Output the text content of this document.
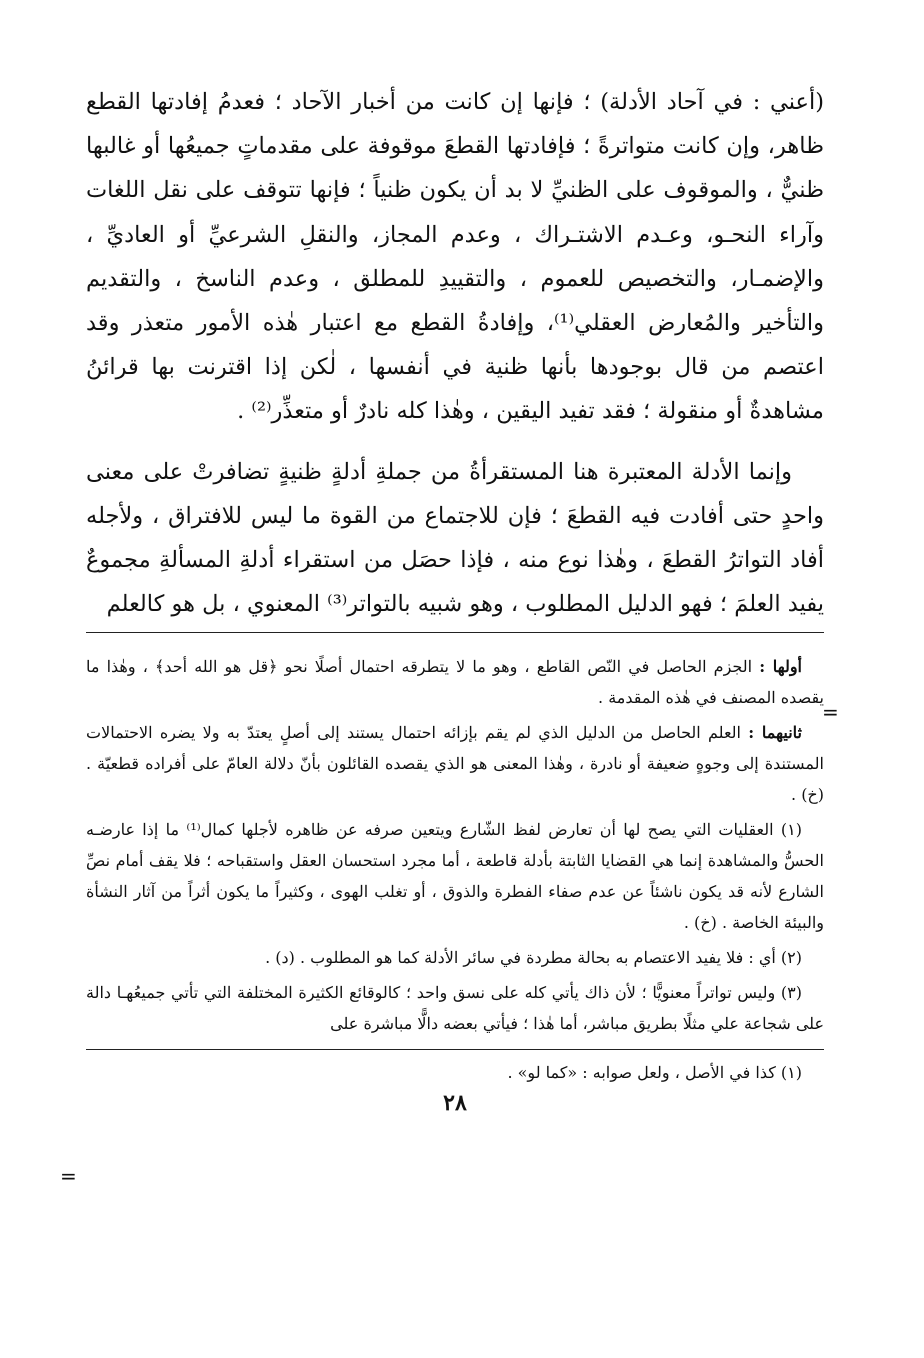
(أعني : في آحاد الأدلة) ؛ فإنها إن كانت من أخبار الآحاد ؛ فعدمُ إفادتها القطع ظاهر، وإن كانت متواترةً ؛ فإفادتها القطعَ موقوفة على مقدماتٍ جميعُها أو غالبها ظنيٌّ ، والموقوف على الظنيِّ لا بد أن يكون ظنياً ؛ فإنها تتوقف على نقل اللغات وآراء النحـو، وعـدم الاشتـراك ، وعدم المجاز، والنقلِ الشرعيِّ أو العاديِّ ، والإضمـار، والتخصيص للعموم ، والتقييدِ للمطلق ، وعدم الناسخ ، والتقديم والتأخير والمُعارض العقلي⁽¹⁾، وإفادةُ القطع مع اعتبار هٰذه الأمور متعذر وقد اعتصم من قال بوجودها بأنها ظنية في أنفسها ، لٰكن إذا اقترنت بها قرائنُ مشاهدةٌ أو منقولة ؛ فقد تفيد اليقين ، وهٰذا كله نادرٌ أو متعذِّر⁽²⁾ .

وإنما الأدلة المعتبرة هنا المستقرأةُ من جملةِ أدلةٍ ظنيةٍ تضافرتْ على معنى واحدٍ حتى أفادت فيه القطعَ ؛ فإن للاجتماع من القوة ما ليس للافتراق ، ولأجله أفاد التواترُ القطعَ ، وهٰذا نوع منه ، فإذا حصَل من استقراء أدلةِ المسألةِ مجموعٌ يفيد العلمَ ؛ فهو الدليل المطلوب ، وهو شبيه بالتواتر⁽³⁾ المعنوي ، بل هو كالعلم

أولها : الجزم الحاصل في النّص القاطع ، وهو ما لا يتطرقه احتمال أصلًا نحو ﴿قل هو الله أحد﴾ ، وهٰذا ما يقصده المصنف في هٰذه المقدمة .

ثانيهما : العلم الحاصل من الدليل الذي لم يقم بإزائه احتمال يستند إلى أصلٍ يعتدّ به ولا يضره الاحتمالات المستندة إلى وجوهٍ ضعيفة أو نادرة ، وهٰذا المعنى هو الذي يقصده القائلون بأنّ دلالة العامّ على أفراده قطعيّة . (خ) .

(١) العقليات التي يصح لها أن تعارض لفظ الشّارع ويتعين صرفه عن ظاهره لأجلها كمال⁽¹⁾ ما إذا عارضـه الحسُّ والمشاهدة إنما هي القضايا الثابتة بأدلة قاطعة ، أما مجرد استحسان العقل واستقباحه ؛ فلا يقف أمام نصِّ الشارع لأنه قد يكون ناشئاً عن عدم صفاء الفطرة والذوق ، أو تغلب الهوى ، وكثيراً ما يكون أثراً من آثار النشأة والبيئة الخاصة . (خ) .

(٢) أي : فلا يفيد الاعتصام به بحالة مطردة في سائر الأدلة كما هو المطلوب . (د) .

(٣) وليس تواتراً معنويًّا ؛ لأن ذاك يأتي كله على نسق واحد ؛ كالوقائع الكثيرة المختلفة التي تأتي جميعُهـا دالة على شجاعة علي مثلًا بطريق مباشر، أما هٰذا ؛ فيأتي بعضه دالًّا مباشرة على

(١) كذا في الأصل ، ولعل صوابه : «كما لو» .

٢٨
=
=
